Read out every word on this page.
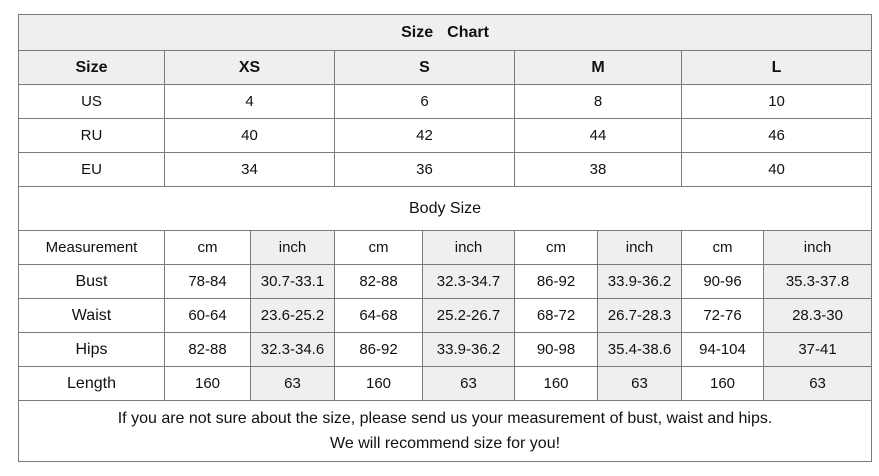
Size Chart								
Size	XS		S		M		L	
US	4		6		8		10	
RU	40		42		44		46	
EU	34		36		38		40	
Body Size								
Measurement	cm	inch	cm	inch	cm	inch	cm	inch
Bust	78-84	30.7-33.1	82-88	32.3-34.7	86-92	33.9-36.2	90-96	35.3-37.8
Waist	60-64	23.6-25.2	64-68	25.2-26.7	68-72	26.7-28.3	72-76	28.3-30
Hips	82-88	32.3-34.6	86-92	33.9-36.2	90-98	35.4-38.6	94-104	37-41
Length	160	63	160	63	160	63	160	63

If you are not sure about the size, please send us your measurement of bust, waist and hips.
We will recommend size for you!								
